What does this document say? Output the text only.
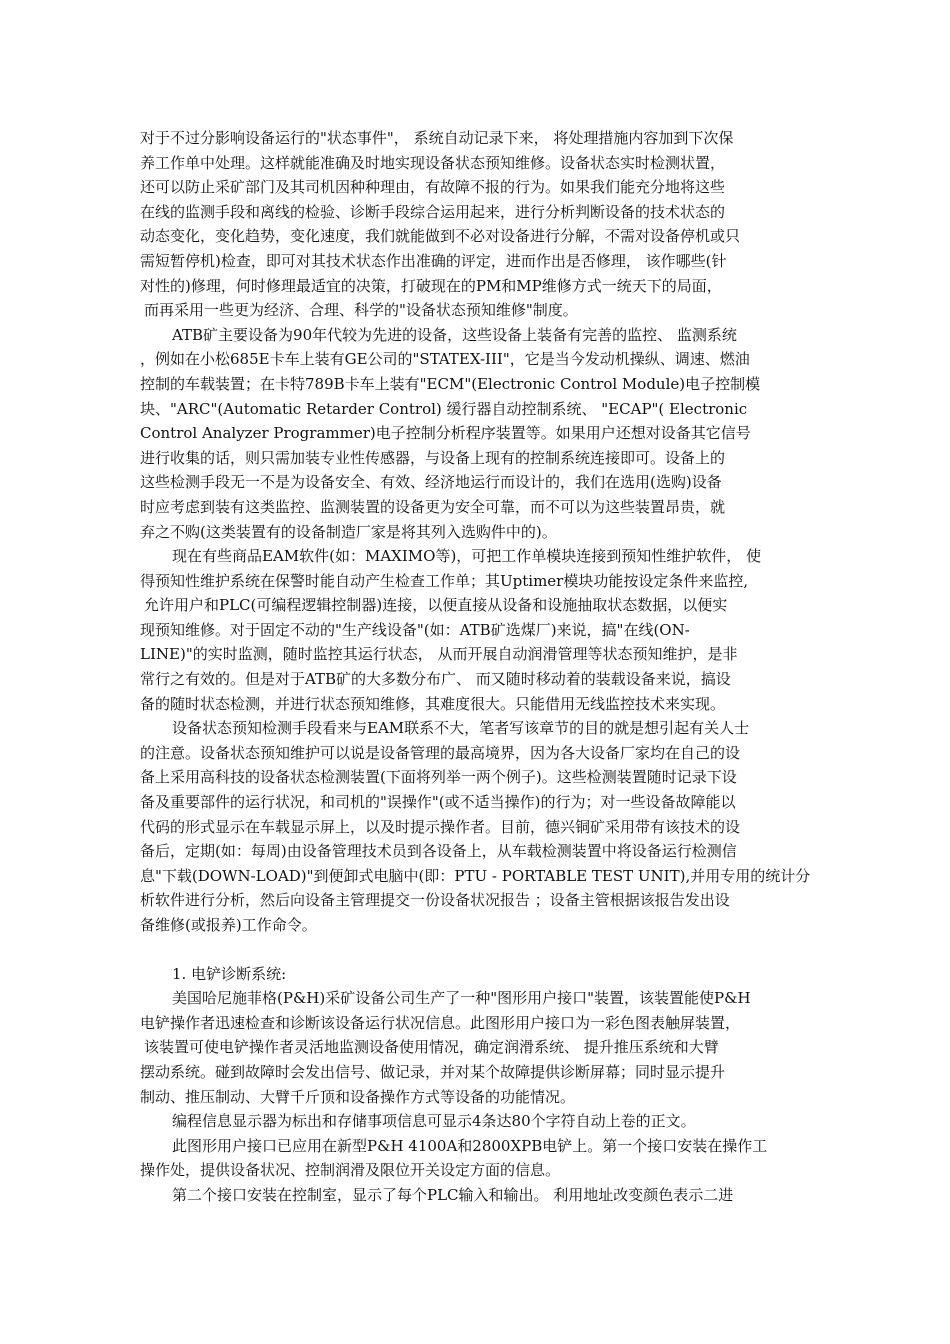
对于不过分影响设备运行的"状态事件"， 系统自动记录下来， 将处理措施内容加到下次保
养工作单中处理。这样就能准确及时地实现设备状态预知维修。设备状态实时检测状置，
还可以防止采矿部门及其司机因种种理由，有故障不报的行为。如果我们能充分地将这些
在线的监测手段和离线的检验、诊断手段综合运用起来，进行分析判断设备的技术状态的
动态变化，变化趋势，变化速度，我们就能做到不必对设备进行分解，不需对设备停机或只
需短暂停机)检查，即可对其技术状态作出准确的评定，进而作出是否修理， 该作哪些(针
对性的)修理，何时修理最适宜的决策，打破现在的PM和MP维修方式一统天下的局面，
而再采用一些更为经济、合理、科学的"设备状态预知维修"制度。
ATB矿主要设备为90年代较为先进的设备，这些设备上装备有完善的监控、 监测系统
，例如在小松685E卡车上装有GE公司的"STATEX-III"，它是当今发动机操纵、调速、燃油
控制的车载装置；在卡特789B卡车上装有"ECM"(Electronic Control Module)电子控制模
块、"ARC"(Automatic Retarder Control) 缓行器自动控制系统、 "ECAP"( Electronic
Control Analyzer Programmer)电子控制分析程序装置等。如果用户还想对设备其它信号
进行收集的话，则只需加装专业性传感器，与设备上现有的控制系统连接即可。设备上的
这些检测手段无一不是为设备安全、有效、经济地运行而设计的，我们在选用(选购)设备
时应考虑到装有这类监控、监测装置的设备更为安全可靠，而不可以为这些装置昂贵，就
弃之不购(这类装置有的设备制造厂家是将其列入选购件中的)。
现在有些商品EAM软件(如：MAXIMO等)，可把工作单模块连接到预知性维护软件， 使
得预知性维护系统在保警时能自动产生检查工作单；其Uptimer模块功能按设定条件来监控,
允许用户和PLC(可编程逻辑控制器)连接，以便直接从设备和设施抽取状态数据，以便实
现预知维修。对于固定不动的"生产线设备"(如：ATB矿选煤厂)来说，搞"在线(ON-
LINE)"的实时监测，随时监控其运行状态， 从而开展自动润滑管理等状态预知维护，是非
常行之有效的。但是对于ATB矿的大多数分布广、 而又随时移动着的装载设备来说，搞设
备的随时状态检测，并进行状态预知维修，其难度很大。只能借用无线监控技术来实现。
设备状态预知检测手段看来与EAM联系不大，笔者写该章节的目的就是想引起有关人士
的注意。设备状态预知维护可以说是设备管理的最高境界，因为各大设备厂家均在自己的设
备上采用高科技的设备状态检测装置(下面将列举一两个例子)。这些检测装置随时记录下设
备及重要部件的运行状况，和司机的"误操作"(或不适当操作)的行为；对一些设备故障能以
代码的形式显示在车载显示屏上，以及时提示操作者。目前，德兴铜矿采用带有该技术的设
备后，定期(如：每周)由设备管理技术员到各设备上，从车载检测装置中将设备运行检测信
息"下载(DOWN-LOAD)"到便卸式电脑中(即：PTU - PORTABLE TEST UNIT),并用专用的统计分
析软件进行分析，然后向设备主管理提交一份设备状况报告 ；设备主管根据该报告发出设
备维修(或报养)工作命令。
1. 电铲诊断系统:
美国哈尼施菲格(P&H)采矿设备公司生产了一种"图形用户接口"装置，该装置能使P&H
电铲操作者迅速检查和诊断该设备运行状况信息。此图形用户接口为一彩色图表触屏装置，
该装置可使电铲操作者灵活地监测设备使用情况，确定润滑系统、 提升推压系统和大臂
摆动系统。碰到故障时会发出信号、做记录，并对某个故障提供诊断屏幕；同时显示提升
制动、推压制动、大臂千斤顶和设备操作方式等设备的功能情况。
编程信息显示器为标出和存储事项信息可显示4条达80个字符自动上卷的正文。
此图形用户接口已应用在新型P&H 4100A和2800XPB电铲上。第一个接口安装在操作工
操作处，提供设备状况、控制润滑及限位开关设定方面的信息。
第二个接口安装在控制室，显示了每个PLC输入和输出。 利用地址改变颜色表示二进
